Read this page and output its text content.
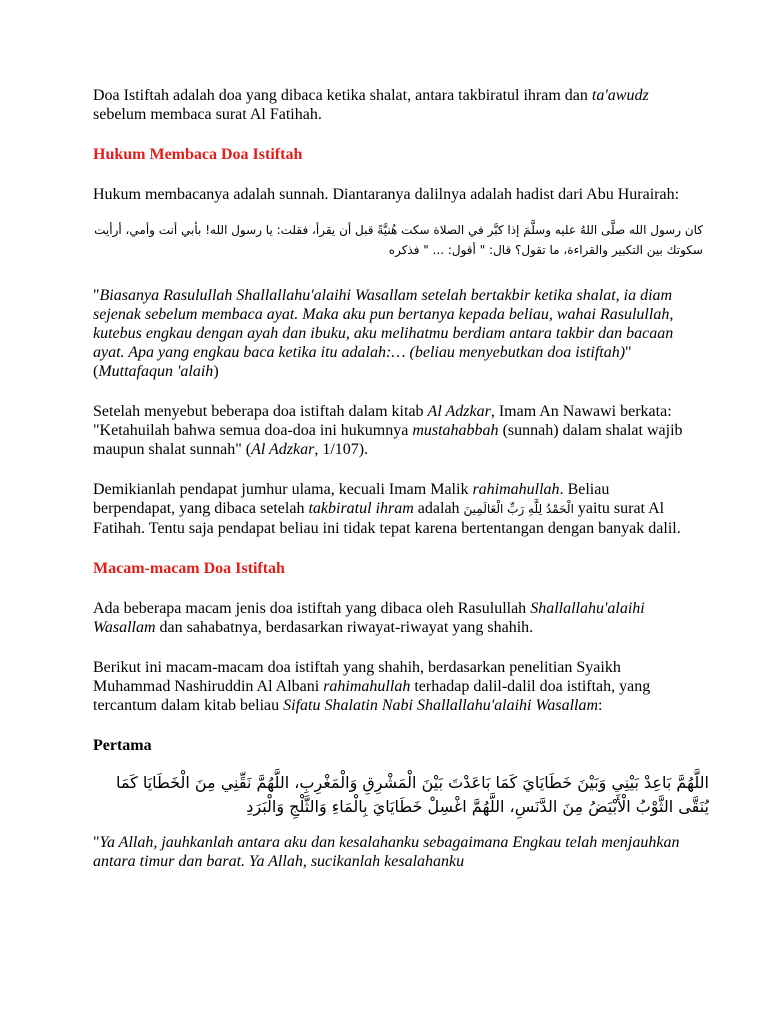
Doa Istiftah adalah doa yang dibaca ketika shalat, antara takbiratul ihram dan ta'awudz sebelum membaca surat Al Fatihah.

Hukum Membaca Doa Istiftah

Hukum membacanya adalah sunnah. Diantaranya dalilnya adalah hadist dari Abu Hurairah:

كان رسول الله صلَّى اللهُ عليه وسلَّمَ إذا كبَّر في الصلاة سكت هُنيَّةً قبل أن يقرأ، فقلت: يا رسول الله! بأبي أنت وأمي، أرأيت سكوتك بين التكبير والقراءة، ما تقول؟ قال: " أقول: ... " فذكره

"Biasanya Rasulullah Shallallahu'alaihi Wasallam setelah bertakbir ketika shalat, ia diam sejenak sebelum membaca ayat. Maka aku pun bertanya kepada beliau, wahai Rasulullah, kutebus engkau dengan ayah dan ibuku, aku melihatmu berdiam antara takbir dan bacaan ayat. Apa yang engkau baca ketika itu adalah:… (beliau menyebutkan doa istiftah)" (Muttafaqun 'alaih)

Setelah menyebut beberapa doa istiftah dalam kitab Al Adzkar, Imam An Nawawi berkata: "Ketahuilah bahwa semua doa-doa ini hukumnya mustahabbah (sunnah) dalam shalat wajib maupun shalat sunnah" (Al Adzkar, 1/107).

Demikianlah pendapat jumhur ulama, kecuali Imam Malik rahimahullah. Beliau berpendapat, yang dibaca setelah takbiratul ihram adalah الْحَمْدُ لِلَّهِ رَبِّ الْعَالَمِينَ yaitu surat Al Fatihah. Tentu saja pendapat beliau ini tidak tepat karena bertentangan dengan banyak dalil.

Macam-macam Doa Istiftah

Ada beberapa macam jenis doa istiftah yang dibaca oleh Rasulullah Shallallahu'alaihi Wasallam dan sahabatnya, berdasarkan riwayat-riwayat yang shahih.

Berikut ini macam-macam doa istiftah yang shahih, berdasarkan penelitian Syaikh Muhammad Nashiruddin Al Albani rahimahullah terhadap dalil-dalil doa istiftah, yang tercantum dalam kitab beliau Sifatu Shalatin Nabi Shallallahu'alaihi Wasallam:

Pertama
اللَّهُمَّ بَاعِدْ بَيْنِي وَبَيْنَ خَطَايَايَ كَمَا بَاعَدْتَ بَيْنَ الْمَشْرِقِ وَالْمَغْرِبِ، اللَّهُمَّ نَقِّنِي مِنَ الْخَطَايَا كَمَا يُنَقَّى الثَّوْبُ الْأَبْيَضُ مِنَ الدَّنَسِ، اللَّهُمَّ اغْسِلْ خَطَايَايَ بِالْمَاءِ وَالثَّلْجِ وَالْبَرَدِ

"Ya Allah, jauhkanlah antara aku dan kesalahanku sebagaimana Engkau telah menjauhkan antara timur dan barat. Ya Allah, sucikanlah kesalahanku
